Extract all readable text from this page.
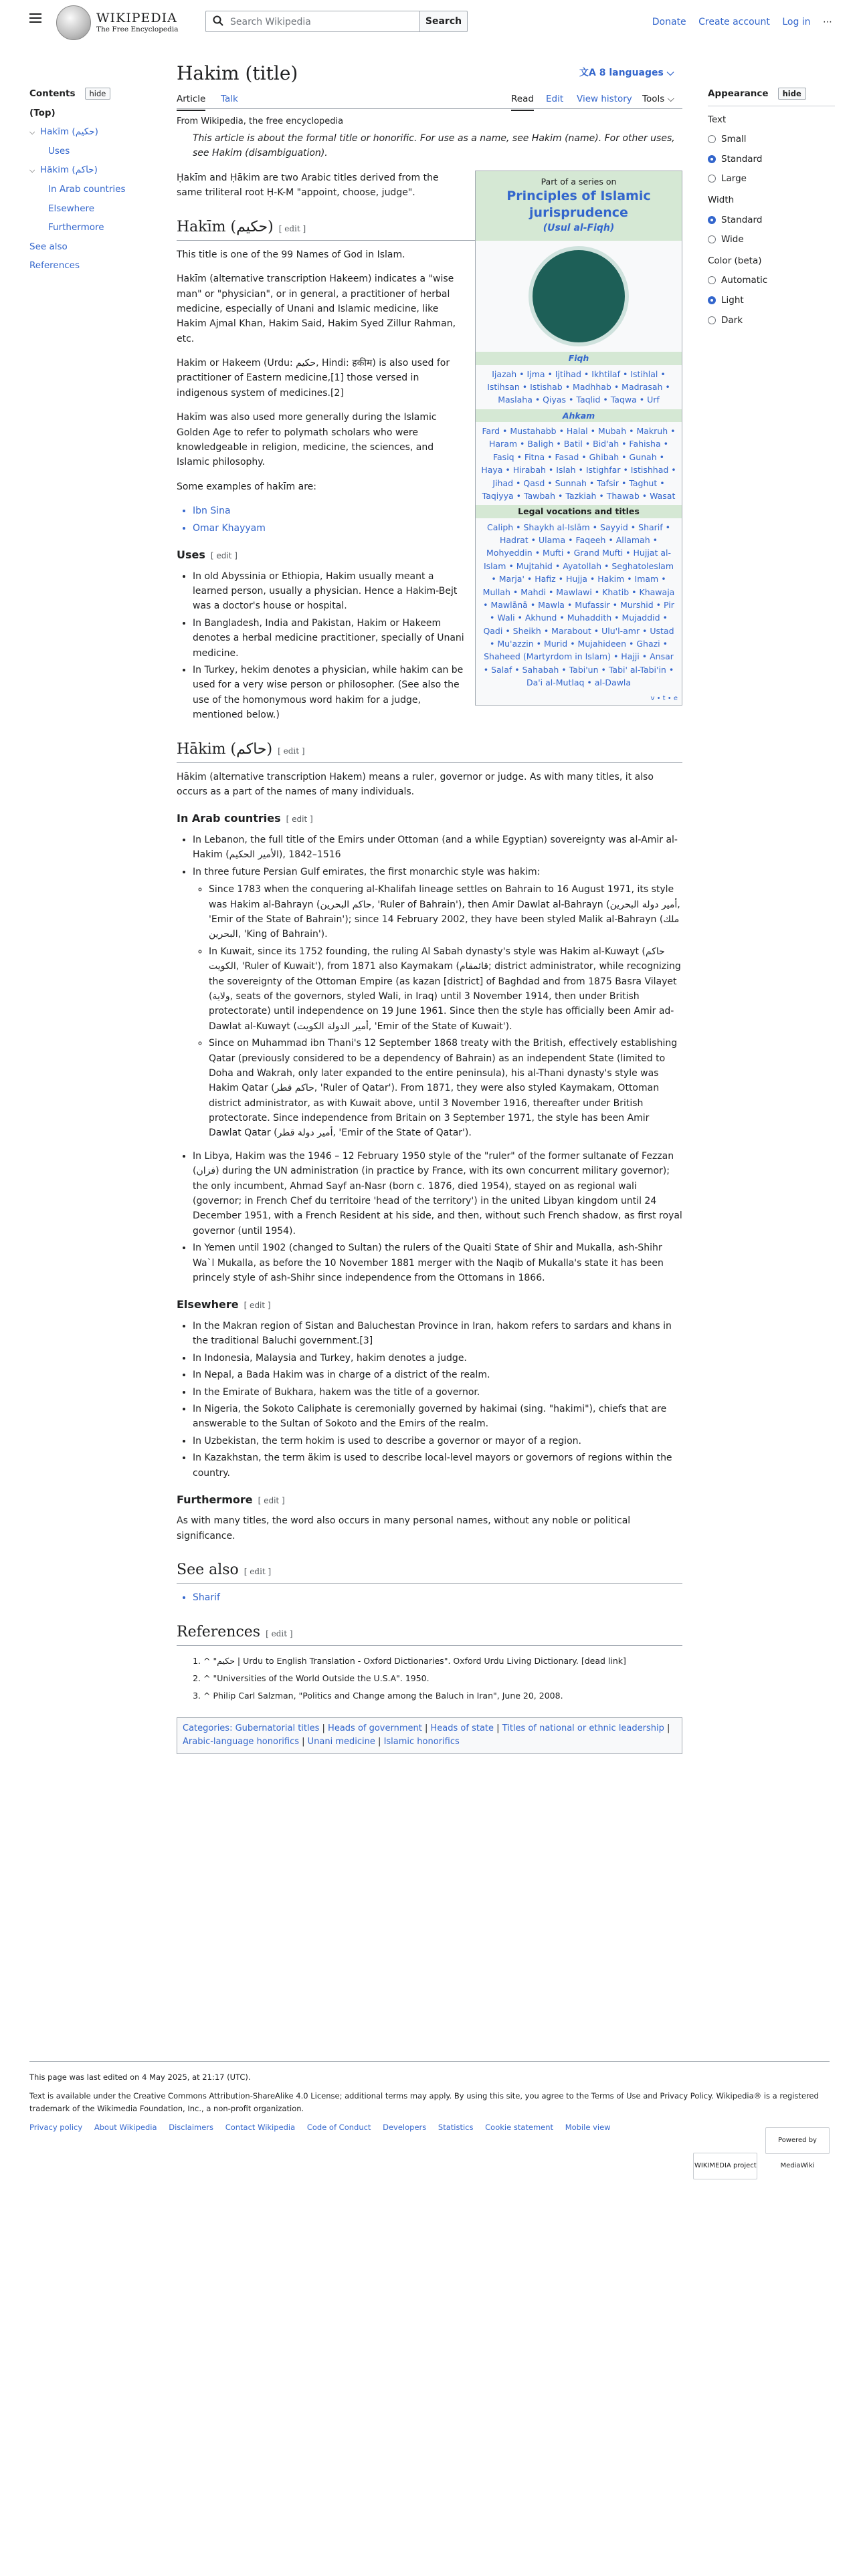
WIKIPEDIA
The Free Encyclopedia
Search Wikipedia	Search	Donate Create account Log in ⋯
Contents hide
(Top)
⌵ Hakīm (حكيم)
Uses
⌵ Hākim (حاكم)
In Arab countries
Elsewhere
Furthermore
See also
References
Hakim (title)	文A 8 languages ⌵
Article Talk	Read Edit View history Tools ⌵
From Wikipedia, the free encyclopedia
Appearance hide
Text
Small
Standard
Large
Width
Standard
Wide
Color (beta)
Automatic
Light
Dark
This article is about the formal title or honorific. For use as a name, see Hakim (name). For other uses, see Hakim (disambiguation).
Part of a series on
Principles of Islamic jurisprudence
(Usul al-Fiqh)
Fiqh
Ijazah • Ijma • Ijtihad • Ikhtilaf • Istihlal • Istihsan • Istishab • Madhhab • Madrasah • Maslaha • Qiyas • Taqlid • Taqwa • Urf
Ahkam
Fard • Mustahabb • Halal • Mubah • Makruh • Haram • Baligh • Batil • Bid'ah • Fahisha • Fasiq • Fitna • Fasad • Ghibah • Gunah • Haya • Hirabah • Islah • Istighfar • Istishhad • Jihad • Qasd • Sunnah • Tafsir • Taghut • Taqiyya • Tawbah • Tazkiah • Thawab • Wasat
Legal vocations and titles
Caliph • Shaykh al-Islām • Sayyid • Sharif • Hadrat • Ulama • Faqeeh • Allamah • Mohyeddin • Mufti • Grand Mufti • Hujjat al-Islam • Mujtahid • Ayatollah • Seghatoleslam • Marja' • Hafiz • Hujja • Hakim • Imam • Mullah • Mahdi • Mawlawi • Khatib • Khawaja • Mawlānā • Mawla • Mufassir • Murshid • Pir • Wali • Akhund • Muhaddith • Mujaddid • Qadi • Sheikh • Marabout • Ulu'l-amr • Ustad • Mu'azzin • Murid • Mujahideen • Ghazi • Shaheed (Martyrdom in Islam) • Hajji • Ansar • Salaf • Sahabah • Tabi'un • Tabi' al-Tabi'in • Da'i al-Mutlaq • al-Dawla
v • t • e

Ḥakīm and Ḥākim are two Arabic titles derived from the same triliteral root Ḥ-K-M "appoint, choose, judge".

Hakīm (حكيم) [ edit ]

This title is one of the 99 Names of God in Islam.

Hakīm (alternative transcription Hakeem) indicates a "wise man" or "physician", or in general, a practitioner of herbal medicine, especially of Unani and Islamic medicine, like Hakim Ajmal Khan, Hakim Said, Hakim Syed Zillur Rahman, etc.

Hakim or Hakeem (Urdu: حکیم, Hindi: हकीम) is also used for practitioner of Eastern medicine,[1] those versed in indigenous system of medicines.[2]

Hakīm was also used more generally during the Islamic Golden Age to refer to polymath scholars who were knowledgeable in religion, medicine, the sciences, and Islamic philosophy.

Some examples of hakīm are:

• Ibn Sina
• Omar Khayyam
Uses [ edit ]
• In old Abyssinia or Ethiopia, Hakim usually meant a learned person, usually a physician. Hence a Hakim-Bejt was a doctor's house or hospital.
• In Bangladesh, India and Pakistan, Hakim or Hakeem denotes a herbal medicine practitioner, specially of Unani medicine.
• In Turkey, hekim denotes a physician, while hakim can be used for a very wise person or philosopher. (See also the use of the homonymous word hakim for a judge, mentioned below.)
Hākim (حاكم) [ edit ]

Hākim (alternative transcription Hakem) means a ruler, governor or judge. As with many titles, it also occurs as a part of the names of many individuals.

In Arab countries [ edit ]
• In Lebanon, the full title of the Emirs under Ottoman (and a while Egyptian) sovereignty was al-Amir al-Hakim (الأمير الحكيم), 1516–1842
• In three future Persian Gulf emirates, the first monarchic style was hakim:
◦ Since 1783 when the conquering al-Khalifah lineage settles on Bahrain to 16 August 1971, its style was Hakim al-Bahrayn (حاكم البحرين, 'Ruler of Bahrain'), then Amir Dawlat al-Bahrayn (أمير دولة البحرين, 'Emir of the State of Bahrain'); since 14 February 2002, they have been styled Malik al-Bahrayn (ملك البحرين, 'King of Bahrain').
◦ In Kuwait, since its 1752 founding, the ruling Al Sabah dynasty's style was Hakim al-Kuwayt (حاكم الكويت, 'Ruler of Kuwait'), from 1871 also Kaymakam (قائمقام; district administrator, while recognizing the sovereignty of the Ottoman Empire (as kazan [district] of Baghdad and from 1875 Basra Vilayet (ولاية, seats of the governors, styled Wali, in Iraq) until 3 November 1914, then under British protectorate) until independence on 19 June 1961. Since then the style has officially been Amir ad-Dawlat al-Kuwayt (أمير الدولة الكويت, 'Emir of the State of Kuwait').
◦ Since on Muhammad ibn Thani's 12 September 1868 treaty with the British, effectively establishing Qatar (previously considered to be a dependency of Bahrain) as an independent State (limited to Doha and Wakrah, only later expanded to the entire peninsula), his al-Thani dynasty's style was Hakim Qatar (حاكم قطر, 'Ruler of Qatar'). From 1871, they were also styled Kaymakam, Ottoman district administrator, as with Kuwait above, until 3 November 1916, thereafter under British protectorate. Since independence from Britain on 3 September 1971, the style has been Amir Dawlat Qatar (أمير دولة قطر, 'Emir of the State of Qatar').
• In Libya, Hakim was the 1946 – 12 February 1950 style of the "ruler" of the former sultanate of Fezzan (فزان) during the UN administration (in practice by France, with its own concurrent military governor); the only incumbent, Ahmad Sayf an-Nasr (born c. 1876, died 1954), stayed on as regional wali (governor; in French Chef du territoire 'head of the territory') in the united Libyan kingdom until 24 December 1951, with a French Resident at his side, and then, without such French shadow, as first royal governor (until 1954).
• In Yemen until 1902 (changed to Sultan) the rulers of the Quaiti State of Shir and Mukalla, ash-Shihr Wa`l Mukalla, as before the 10 November 1881 merger with the Naqib of Mukalla's state it has been princely style of ash-Shihr since independence from the Ottomans in 1866.
Elsewhere [ edit ]
• In the Makran region of Sistan and Baluchestan Province in Iran, hakom refers to sardars and khans in the traditional Baluchi government.[3]
• In Indonesia, Malaysia and Turkey, hakim denotes a judge.
• In Nepal, a Bada Hakim was in charge of a district of the realm.
• In the Emirate of Bukhara, hakem was the title of a governor.
• In Nigeria, the Sokoto Caliphate is ceremonially governed by hakimai (sing. "hakimi"), chiefs that are answerable to the Sultan of Sokoto and the Emirs of the realm.
• In Uzbekistan, the term hokim is used to describe a governor or mayor of a region.
• In Kazakhstan, the term äkim is used to describe local-level mayors or governors of regions within the country.
Furthermore [ edit ]

As with many titles, the word also occurs in many personal names, without any noble or political significance.

See also [ edit ]
• Sharif
References [ edit ]
1. ^ "حکیم | Urdu to English Translation - Oxford Dictionaries". Oxford Urdu Living Dictionary. [dead link]
2. ^ "Universities of the World Outside the U.S.A". 1950.
3. ^ Philip Carl Salzman, "Politics and Change among the Baluch in Iran", June 20, 2008.
Categories: Gubernatorial titles | Heads of government | Heads of state | Titles of national or ethnic leadership | Arabic-language honorifics | Unani medicine | Islamic honorifics

This page was last edited on 4 May 2025, at 21:17 (UTC).

Text is available under the Creative Commons Attribution-ShareAlike 4.0 License; additional terms may apply. By using this site, you agree to the Terms of Use and Privacy Policy. Wikipedia® is a registered trademark of the Wikimedia Foundation, Inc., a non-profit organization.

Privacy policy About Wikipedia Disclaimers Contact Wikipedia Code of Conduct Developers Statistics Cookie statement Mobile view
WIKIMEDIA project Powered by MediaWiki
